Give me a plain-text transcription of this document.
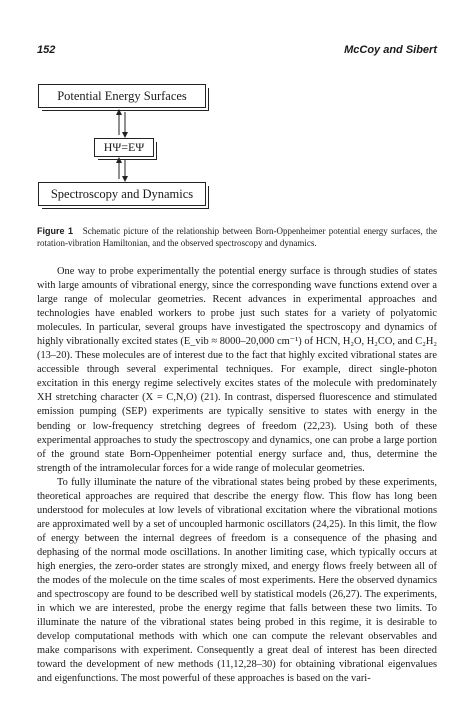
152	McCoy and Sibert
Potential Energy Surfaces
HΨ=EΨ
Spectroscopy and Dynamics
Figure 1 Schematic picture of the relationship between Born-Oppenheimer potential energy surfaces, the rotation-vibration Hamiltonian, and the observed spectroscopy and dynamics.

One way to probe experimentally the potential energy surface is through studies of states with large amounts of vibrational energy, since the corresponding wave functions extend over a large range of molecular geometries. Recent advances in experimental approaches and technologies have enabled workers to probe just such states for a variety of polyatomic molecules. In particular, several groups have investigated the spectroscopy and dynamics of highly vibrationally excited states (E_vib ≈ 8000–20,000 cm⁻¹) of HCN, H₂O, H₂CO, and C₂H₂ (13–20). These molecules are of interest due to the fact that highly excited vibrational states are accessible through several experimental techniques. For example, direct single-photon excitation in this energy regime selectively excites states of the molecule with predominately XH stretching character (X = C,N,O) (21). In contrast, dispersed fluorescence and stimulated emission pumping (SEP) experiments are typically sensitive to states with energy in the bending or low-frequency stretching degrees of freedom (22,23). Using both of these experimental approaches to study the spectroscopy and dynamics, one can probe a large portion of the ground state Born-Oppenheimer potential energy surface and, thus, determine the strength of the intramolecular forces for a wide range of molecular geometries.

To fully illuminate the nature of the vibrational states being probed by these experiments, theoretical approaches are required that describe the energy flow. This flow has long been understood for molecules at low levels of vibrational excitation where the vibrational motions are approximated well by a set of uncoupled harmonic oscillators (24,25). In this limit, the flow of energy between the internal degrees of freedom is a consequence of the phasing and dephasing of the normal mode oscillations. In another limiting case, which typically occurs at high energies, the zero-order states are strongly mixed, and energy flows freely between all of the modes of the molecule on the time scales of most experiments. Here the observed dynamics and spectroscopy are found to be described well by statistical models (26,27). The experiments, in which we are interested, probe the energy regime that falls between these two limits. To illuminate the nature of the vibrational states being probed in this regime, it is desirable to develop computational methods with which one can compute the relevant observables and make comparisons with experiment. Consequently a great deal of interest has been directed toward the development of new methods (11,12,28–30) for obtaining vibrational eigenvalues and eigenfunctions. The most powerful of these approaches is based on the vari-
